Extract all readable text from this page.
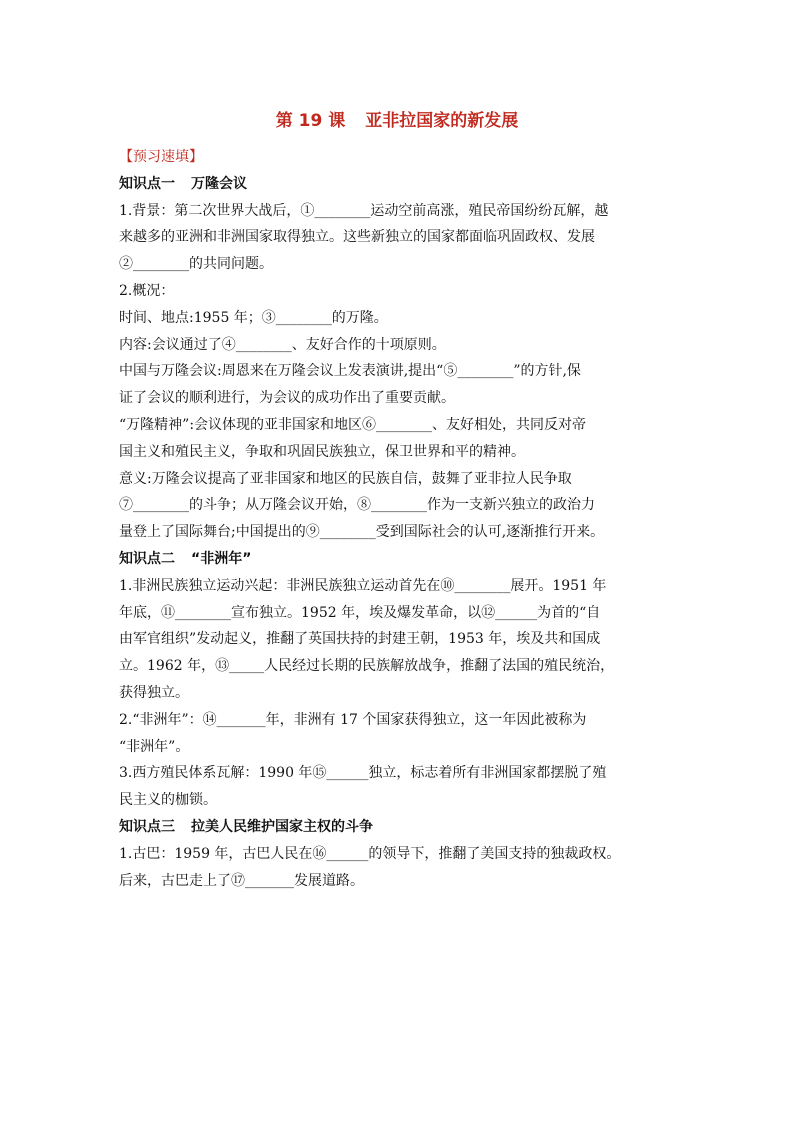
第 19 课 亚非拉国家的新发展

【预习速填】

知识点一 万隆会议

1.背景：第二次世界大战后，①________运动空前高涨，殖民帝国纷纷瓦解，越

来越多的亚洲和非洲国家取得独立。这些新独立的国家都面临巩固政权、发展

②________的共同问题。

2.概况：

时间、地点:1955 年；③________的万隆。

内容:会议通过了④________、友好合作的十项原则。

中国与万隆会议:周恩来在万隆会议上发表演讲,提出“⑤________”的方针,保

证了会议的顺利进行，为会议的成功作出了重要贡献。

“万隆精神”:会议体现的亚非国家和地区⑥________、友好相处，共同反对帝

国主义和殖民主义，争取和巩固民族独立，保卫世界和平的精神。

意义:万隆会议提高了亚非国家和地区的民族自信，鼓舞了亚非拉人民争取

⑦________的斗争；从万隆会议开始，⑧________作为一支新兴独立的政治力

量登上了国际舞台;中国提出的⑨________受到国际社会的认可,逐渐推行开来。

知识点二 “非洲年”

1.非洲民族独立运动兴起：非洲民族独立运动首先在⑩________展开。1951 年

年底，⑪________宣布独立。1952 年，埃及爆发革命，以⑫______为首的“自

由军官组织”发动起义，推翻了英国扶持的封建王朝，1953 年，埃及共和国成

立。1962 年，⑬_____人民经过长期的民族解放战争，推翻了法国的殖民统治，

获得独立。

2.“非洲年”：⑭_______年，非洲有 17 个国家获得独立，这一年因此被称为

“非洲年”。

3.西方殖民体系瓦解：1990 年⑮______独立，标志着所有非洲国家都摆脱了殖

民主义的枷锁。

知识点三 拉美人民维护国家主权的斗争

1.古巴：1959 年，古巴人民在⑯______的领导下，推翻了美国支持的独裁政权。

后来，古巴走上了⑰_______发展道路。
